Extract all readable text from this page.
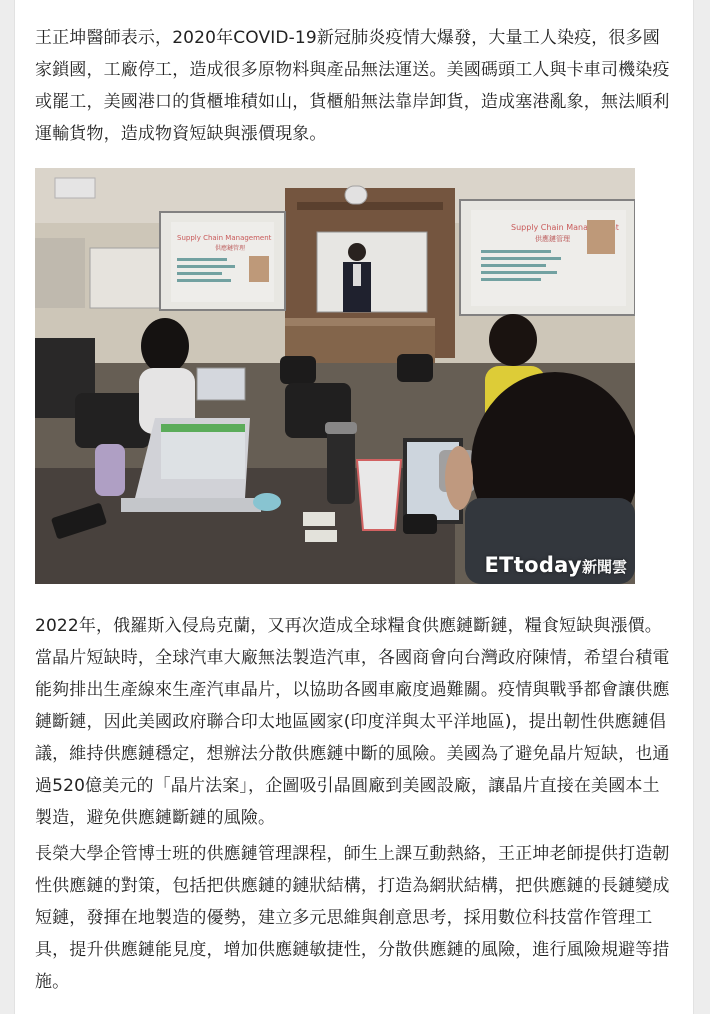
王正坤醫師表示，2020年COVID-19新冠肺炎疫情大爆發，大量工人染疫，很多國家鎖國，工廠停工，造成很多原物料與產品無法運送。美國碼頭工人與卡車司機染疫或罷工，美國港口的貨櫃堆積如山，貨櫃船無法靠岸卸貨，造成塞港亂象，無法順利運輸貨物，造成物資短缺與漲價現象。

ETtoday新聞雲

2022年，俄羅斯入侵烏克蘭，又再次造成全球糧食供應鏈斷鏈，糧食短缺與漲價。當晶片短缺時，全球汽車大廠無法製造汽車，各國商會向台灣政府陳情，希望台積電能夠排出生產線來生產汽車晶片，以協助各國車廠度過難關。疫情與戰爭都會讓供應鏈斷鏈，因此美國政府聯合印太地區國家(印度洋與太平洋地區)，提出韌性供應鏈倡議，維持供應鏈穩定，想辦法分散供應鏈中斷的風險。美國為了避免晶片短缺，也通過520億美元的「晶片法案」，企圖吸引晶圓廠到美國設廠，讓晶片直接在美國本土製造，避免供應鏈斷鏈的風險。

長榮大學企管博士班的供應鏈管理課程，師生上課互動熱絡，王正坤老師提供打造韌性供應鏈的對策，包括把供應鏈的鏈狀結構，打造為網狀結構，把供應鏈的長鏈變成短鏈，發揮在地製造的優勢，建立多元思維與創意思考，採用數位科技當作管理工具，提升供應鏈能見度，增加供應鏈敏捷性，分散供應鏈的風險，進行風險規避等措施。
